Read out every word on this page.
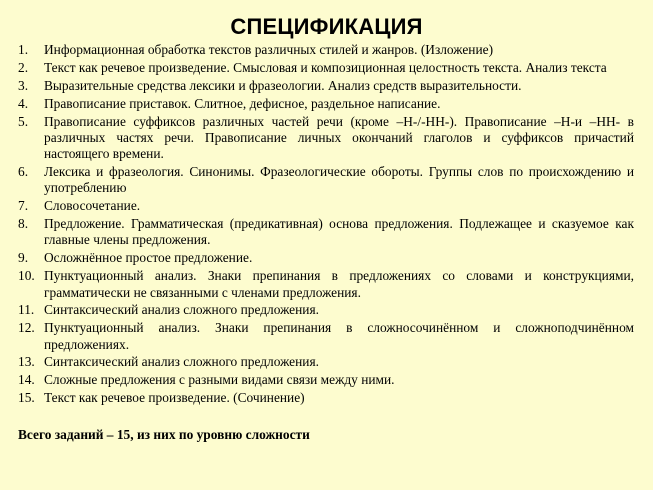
СПЕЦИФИКАЦИЯ
1.	Информационная обработка текстов различных стилей и жанров. (Изложение)
2.	Текст как речевое произведение. Смысловая и композиционная целостность текста. Анализ текста
3.	Выразительные средства лексики и фразеологии. Анализ средств выразительности.
4.	Правописание приставок. Слитное, дефисное, раздельное написание.
5.	Правописание суффиксов различных частей речи (кроме –Н-/-НН-). Правописание –Н-и –НН- в различных частях речи. Правописание личных окончаний глаголов и суффиксов причастий настоящего времени.
6.	Лексика и фразеология. Синонимы. Фразеологические обороты. Группы слов по происхождению и употреблению
7.	Словосочетание.
8.	Предложение. Грамматическая (предикативная) основа предложения. Подлежащее и сказуемое как главные члены предложения.
9.	Осложнённое простое предложение.
10. Пунктуационный анализ. Знаки препинания в предложениях со словами и конструкциями, грамматически не связанными с членами предложения.
11. Синтаксический анализ сложного предложения.
12. Пунктуационный анализ. Знаки препинания в сложносочинённом и сложноподчинённом предложениях.
13. Синтаксический анализ сложного предложения.
14. Сложные предложения с разными видами связи между ними.
15. Текст как речевое произведение. (Сочинение)
Всего заданий – 15, из них по уровню сложности
